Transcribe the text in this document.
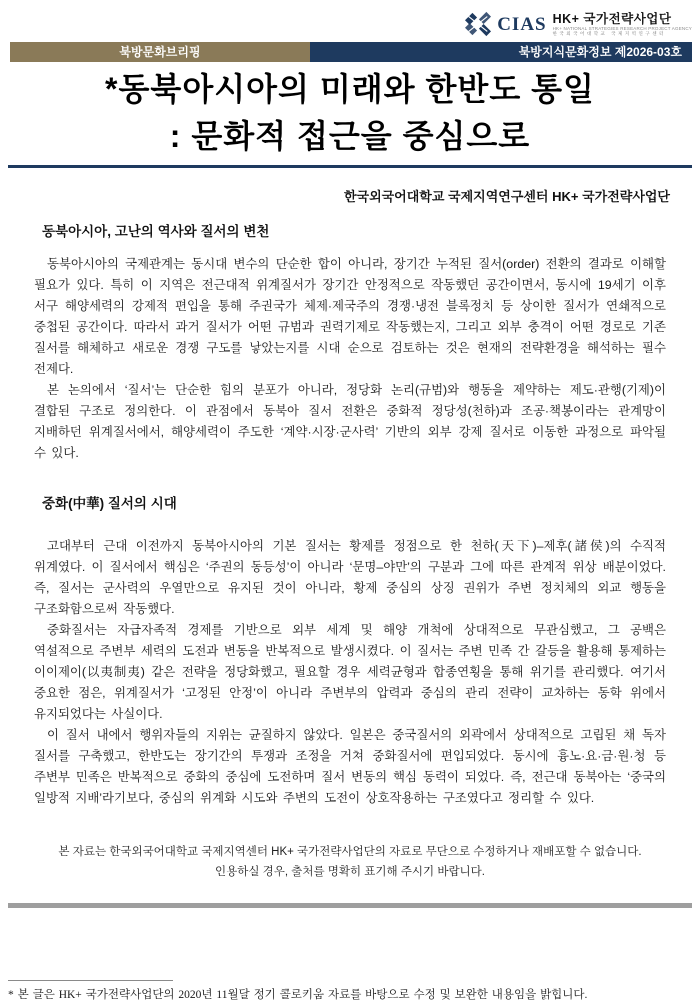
CIAS HK+ 국가전략사업단
HK+ NATIONAL STRATEGIES RESEARCH PROJECT AGENCY
한국외국어대학교 국제지역연구센터
북방문화브리핑	북방지식문화정보 제2026-03호
*동북아시아의 미래와 한반도 통일
: 문화적 접근을 중심으로
한국외국어대학교 국제지역연구센터 HK+ 국가전략사업단
동북아시아, 고난의 역사와 질서의 변천

동북아시아의 국제관계는 동시대 변수의 단순한 합이 아니라, 장기간 누적된 질서(order) 전환의 결과로 이해할 필요가 있다. 특히 이 지역은 전근대적 위계질서가 장기간 안정적으로 작동했던 공간이면서, 동시에 19세기 이후 서구 해양세력의 강제적 편입을 통해 주권국가 체제·제국주의 경쟁·냉전 블록정치 등 상이한 질서가 연쇄적으로 중첩된 공간이다. 따라서 과거 질서가 어떤 규범과 권력기제로 작동했는지, 그리고 외부 충격이 어떤 경로로 기존 질서를 해체하고 새로운 경쟁 구도를 낳았는지를 시대 순으로 검토하는 것은 현재의 전략환경을 해석하는 필수 전제다.

본 논의에서 ‘질서’는 단순한 힘의 분포가 아니라, 정당화 논리(규범)와 행동을 제약하는 제도·관행(기제)이 결합된 구조로 정의한다. 이 관점에서 동북아 질서 전환은 중화적 정당성(천하)과 조공·책봉이라는 관계망이 지배하던 위계질서에서, 해양세력이 주도한 ‘계약·시장·군사력’ 기반의 외부 강제 질서로 이동한 과정으로 파악될 수 있다.

중화(中華) 질서의 시대

고대부터 근대 이전까지 동북아시아의 기본 질서는 황제를 정점으로 한 천하(天下)–제후(諸侯)의 수직적 위계였다. 이 질서에서 핵심은 ‘주권의 동등성’이 아니라 ‘문명–야만’의 구분과 그에 따른 관계적 위상 배분이었다. 즉, 질서는 군사력의 우열만으로 유지된 것이 아니라, 황제 중심의 상징 권위가 주변 정치체의 외교 행동을 구조화함으로써 작동했다.

중화질서는 자급자족적 경제를 기반으로 외부 세계 및 해양 개척에 상대적으로 무관심했고, 그 공백은 역설적으로 주변부 세력의 도전과 변동을 반복적으로 발생시켰다. 이 질서는 주변 민족 간 갈등을 활용해 통제하는 이이제이(以夷制夷) 같은 전략을 정당화했고, 필요할 경우 세력균형과 합종연횡을 통해 위기를 관리했다. 여기서 중요한 점은, 위계질서가 ‘고정된 안정’이 아니라 주변부의 압력과 중심의 관리 전략이 교차하는 동학 위에서 유지되었다는 사실이다.

이 질서 내에서 행위자들의 지위는 균질하지 않았다. 일본은 중국질서의 외곽에서 상대적으로 고립된 채 독자 질서를 구축했고, 한반도는 장기간의 투쟁과 조정을 거쳐 중화질서에 편입되었다. 동시에 흉노·요·금·원·청 등 주변부 민족은 반복적으로 중화의 중심에 도전하며 질서 변동의 핵심 동력이 되었다. 즉, 전근대 동북아는 ‘중국의 일방적 지배’라기보다, 중심의 위계화 시도와 주변의 도전이 상호작용하는 구조였다고 정리할 수 있다.

본 자료는 한국외국어대학교 국제지역센터 HK+ 국가전략사업단의 자료로 무단으로 수정하거나 재배포할 수 없습니다.
인용하실 경우, 출처를 명확히 표기해 주시기 바랍니다.
* 본 글은 HK+ 국가전략사업단의 2020년 11월달 정기 콜로키움 자료를 바탕으로 수정 및 보완한 내용임을 밝힙니다.
